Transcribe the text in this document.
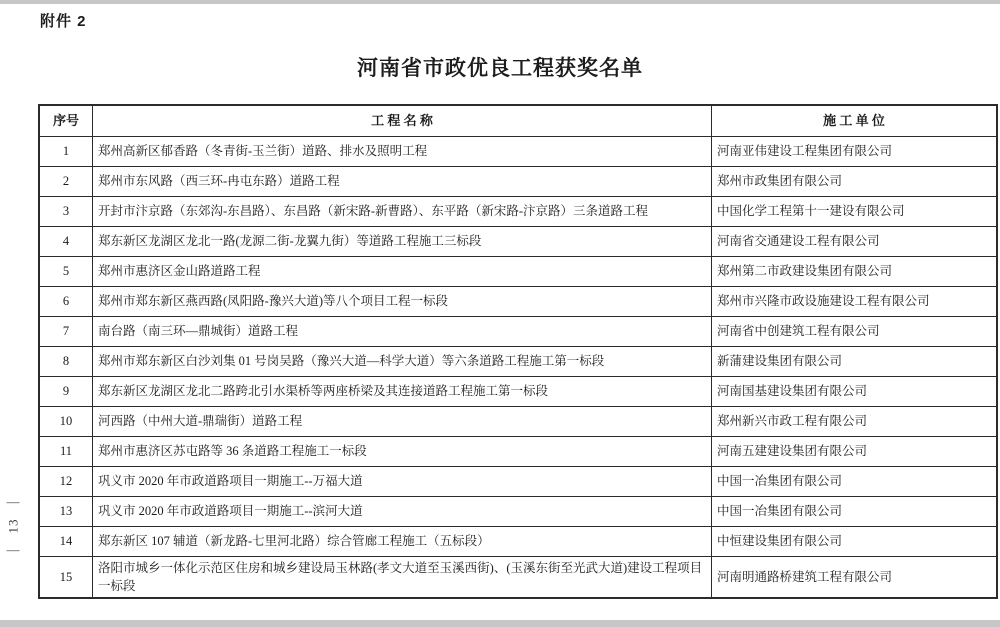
附件 2
河南省市政优良工程获奖名单
—
13
—
序号	工 程 名 称	施 工 单 位
1	郑州高新区郁香路（冬青街-玉兰街）道路、排水及照明工程	河南亚伟建设工程集团有限公司
2	郑州市东风路（西三环-冉屯东路）道路工程	郑州市政集团有限公司
3	开封市汴京路（东郊沟-东昌路）、东昌路（新宋路-新曹路）、东平路（新宋路-汴京路）三条道路工程	中国化学工程第十一建设有限公司
4	郑东新区龙湖区龙北一路(龙源二街-龙翼九街）等道路工程施工三标段	河南省交通建设工程有限公司
5	郑州市惠济区金山路道路工程	郑州第二市政建设集团有限公司
6	郑州市郑东新区燕西路(凤阳路-豫兴大道)等八个项目工程一标段	郑州市兴隆市政设施建设工程有限公司
7	南台路（南三环—鼎城街）道路工程	河南省中创建筑工程有限公司
8	郑州市郑东新区白沙刘集 01 号岗吴路（豫兴大道—科学大道）等六条道路工程施工第一标段	新蒲建设集团有限公司
9	郑东新区龙湖区龙北二路跨北引水渠桥等两座桥梁及其连接道路工程施工第一标段	河南国基建设集团有限公司
10	河西路（中州大道-鼎瑞街）道路工程	郑州新兴市政工程有限公司
11	郑州市惠济区苏屯路等 36 条道路工程施工一标段	河南五建建设集团有限公司
12	巩义市 2020 年市政道路项目一期施工--万福大道	中国一冶集团有限公司
13	巩义市 2020 年市政道路项目一期施工--滨河大道	中国一冶集团有限公司
14	郑东新区 107 辅道（新龙路-七里河北路）综合管廊工程施工（五标段）	中恒建设集团有限公司
15	洛阳市城乡一体化示范区住房和城乡建设局玉林路(孝文大道至玉溪西街)、(玉溪东街至光武大道)建设工程项目一标段	河南明通路桥建筑工程有限公司
